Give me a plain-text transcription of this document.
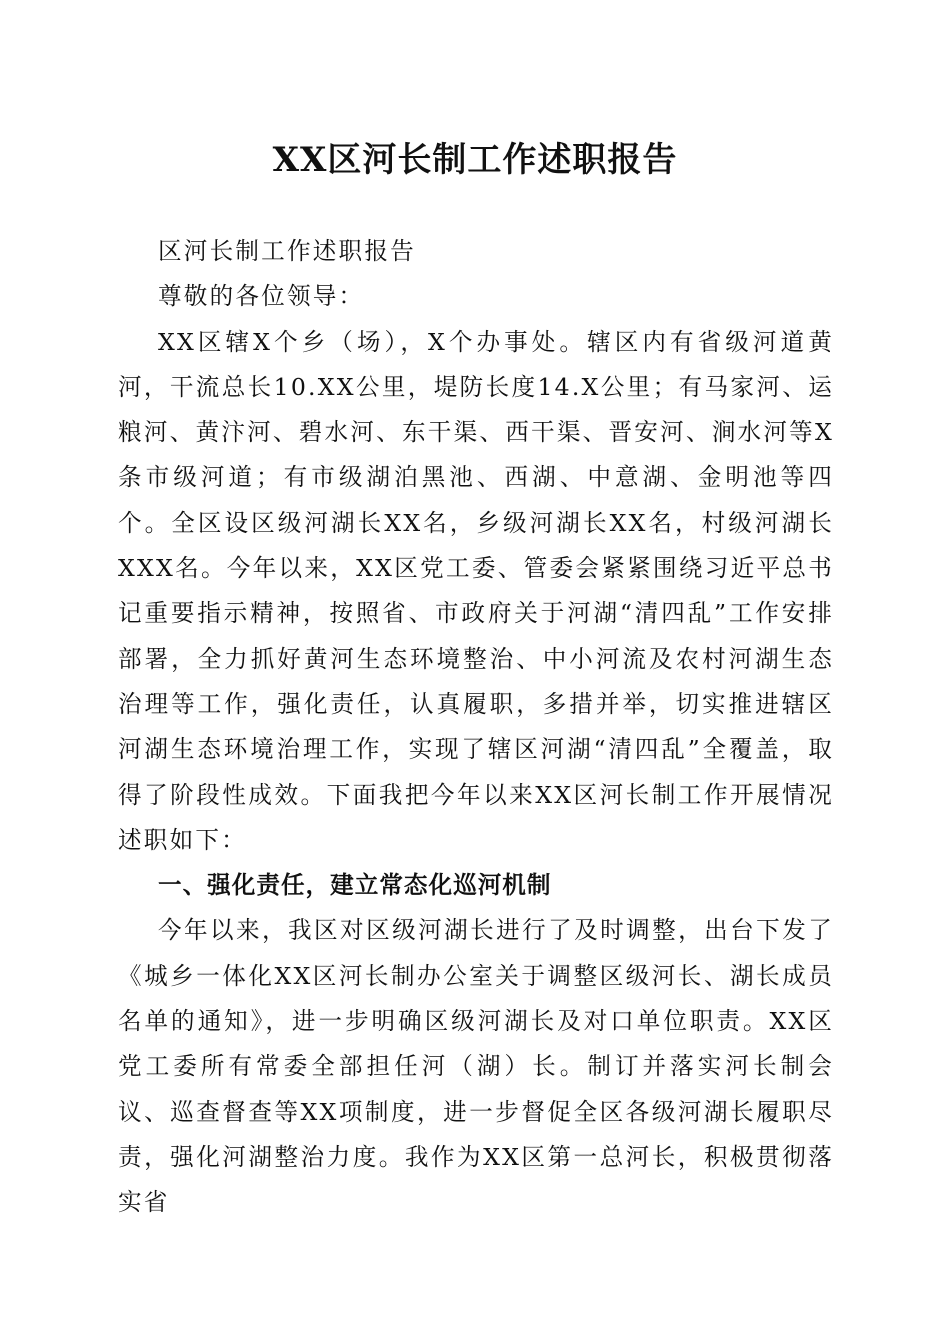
XX区河长制工作述职报告

区河长制工作述职报告

尊敬的各位领导：

XX区辖X个乡（场），X个办事处。辖区内有省级河道黄河，干流总长10.XX公里，堤防长度14.X公里；有马家河、运粮河、黄汴河、碧水河、东干渠、西干渠、晋安河、涧水河等X条市级河道；有市级湖泊黑池、西湖、中意湖、金明池等四个。全区设区级河湖长XX名，乡级河湖长XX名，村级河湖长XXX名。今年以来，XX区党工委、管委会紧紧围绕习近平总书记重要指示精神，按照省、市政府关于河湖“清四乱”工作安排部署，全力抓好黄河生态环境整治、中小河流及农村河湖生态治理等工作，强化责任，认真履职，多措并举，切实推进辖区河湖生态环境治理工作，实现了辖区河湖“清四乱”全覆盖，取得了阶段性成效。下面我把今年以来XX区河长制工作开展情况述职如下：

一、强化责任，建立常态化巡河机制

今年以来，我区对区级河湖长进行了及时调整，出台下发了《城乡一体化XX区河长制办公室关于调整区级河长、湖长成员名单的通知》，进一步明确区级河湖长及对口单位职责。XX区党工委所有常委全部担任河（湖）长。制订并落实河长制会议、巡查督查等XX项制度，进一步督促全区各级河湖长履职尽责，强化河湖整治力度。我作为XX区第一总河长，积极贯彻落实省
